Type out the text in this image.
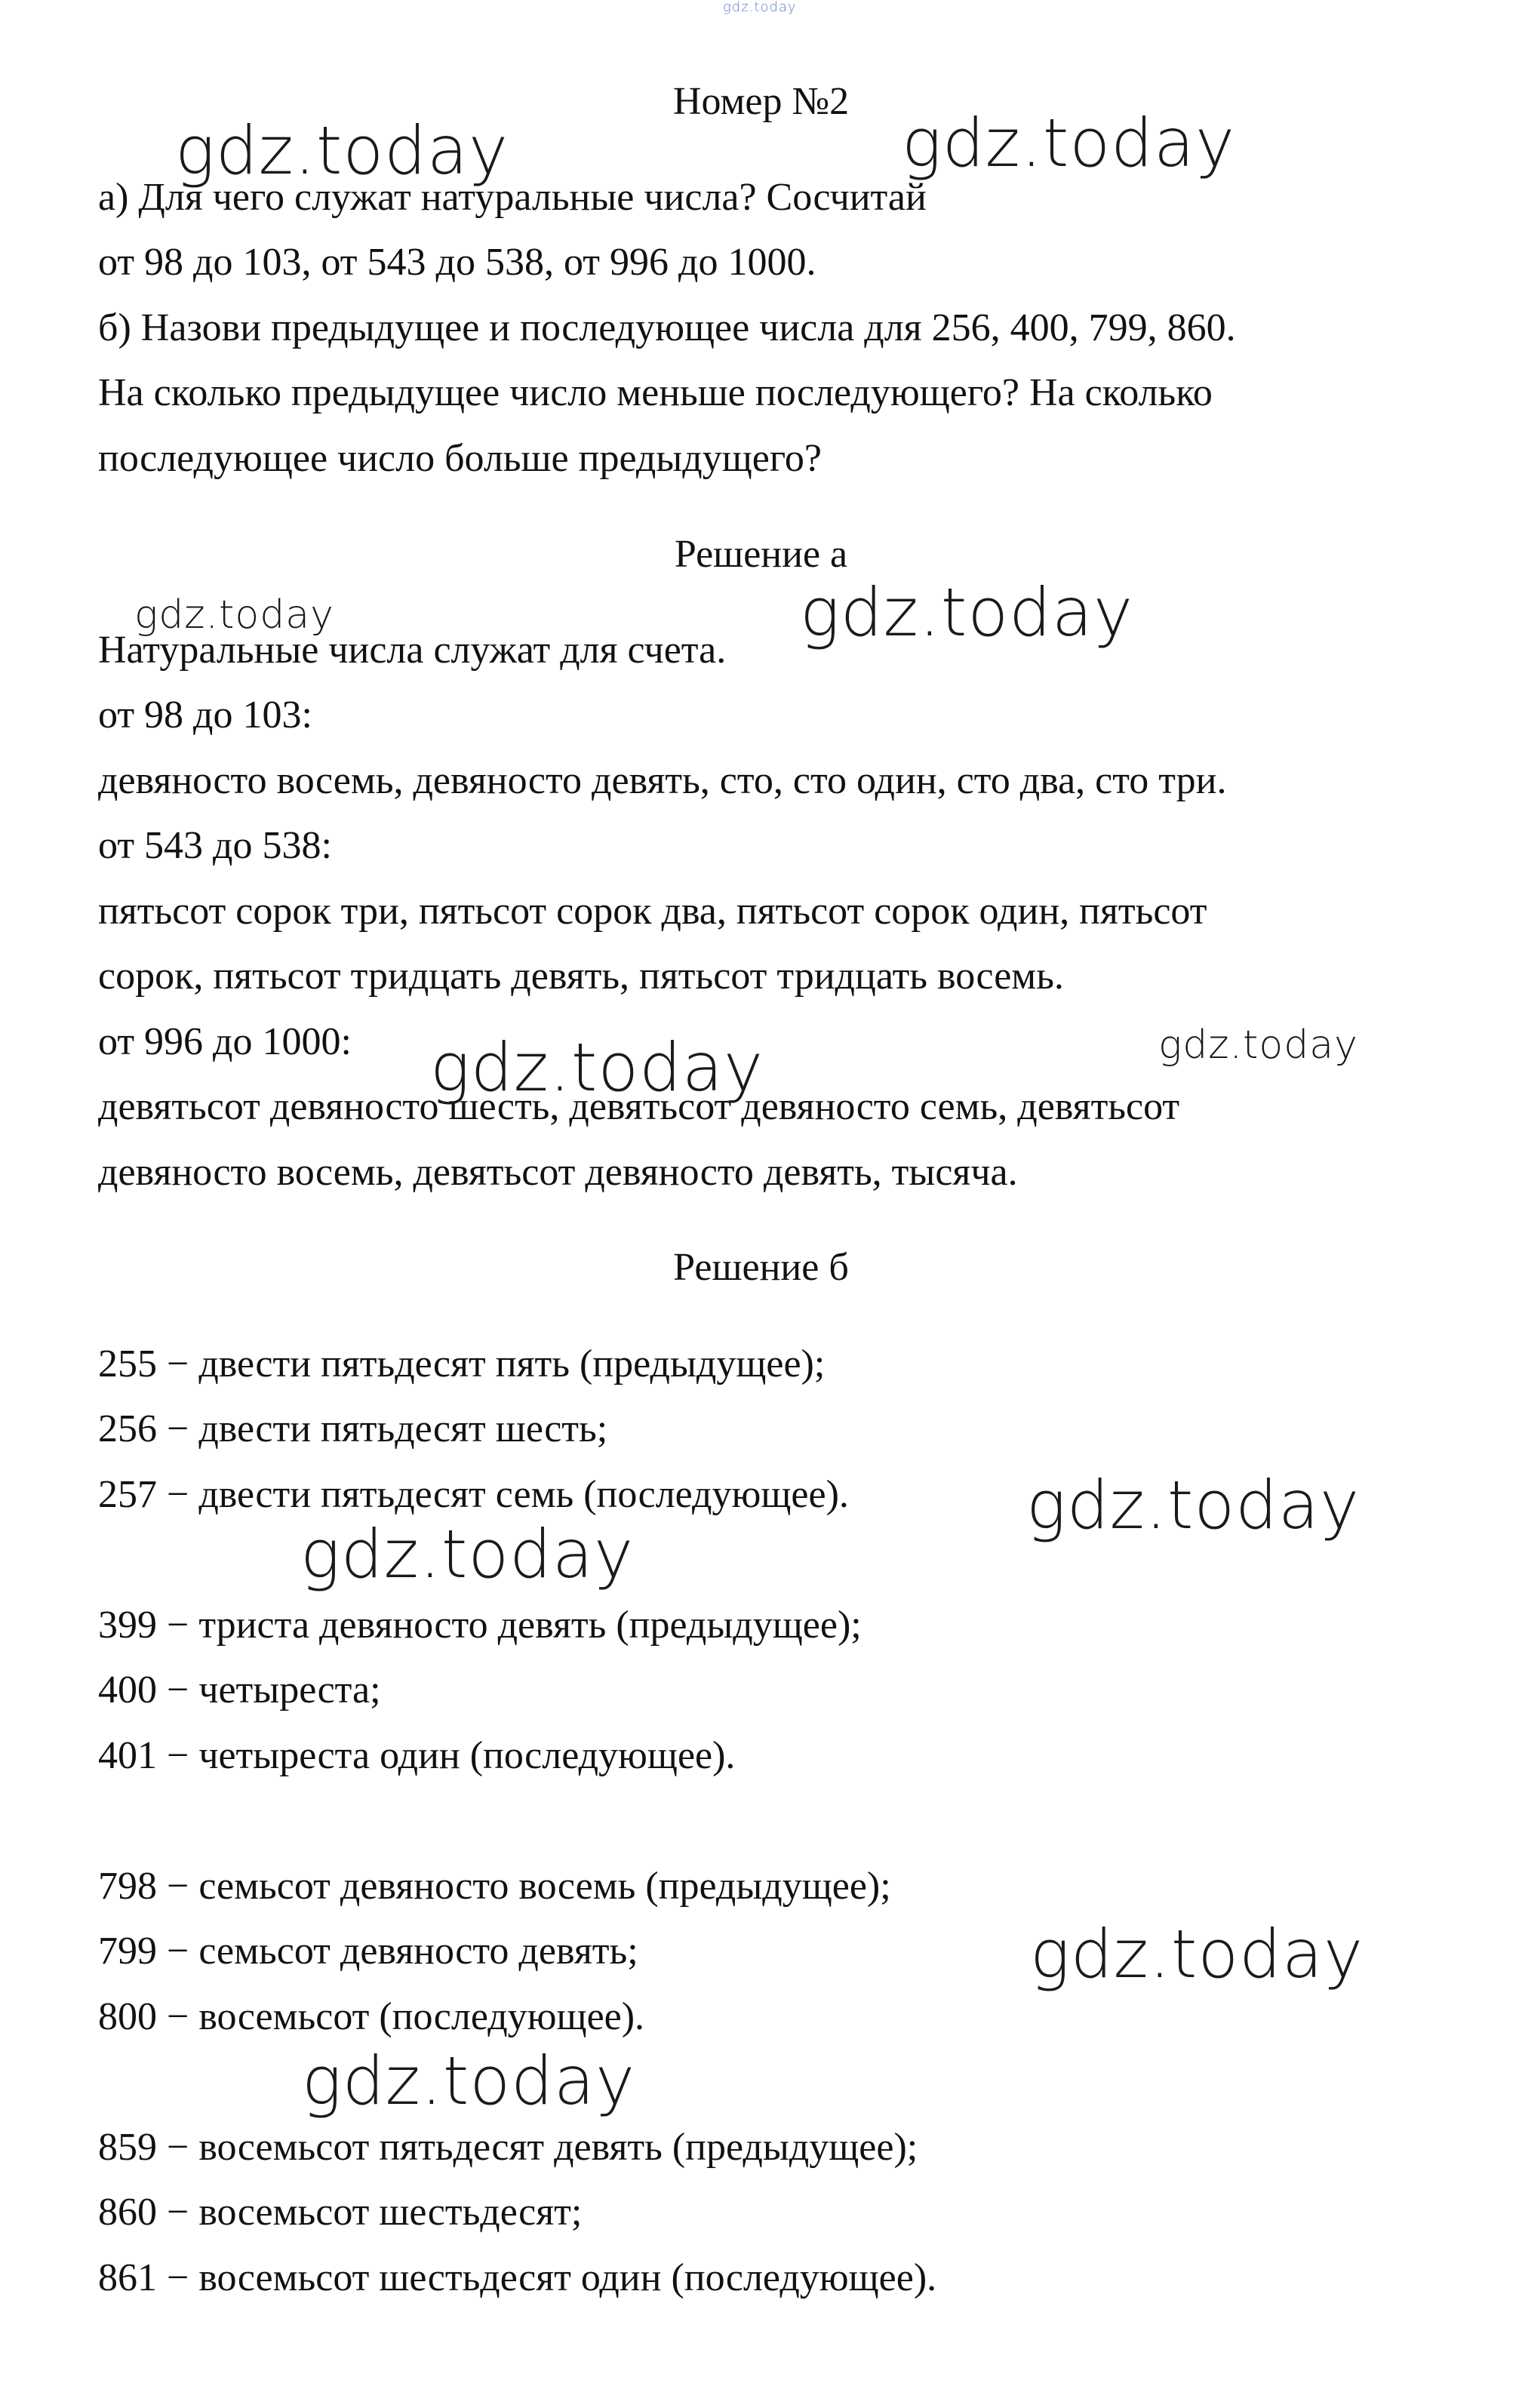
gdz.today
Номер №2
а) Для чего служат натуральные числа? Сосчитай
от 98 до 103, от 543 до 538, от 996 до 1000.
б) Назови предыдущее и последующее числа для 256, 400, 799, 860.
На сколько предыдущее число меньше последующего? На сколько
последующее число больше предыдущего?
Решение а
Натуральные числа служат для счета.
от 98 до 103:
девяносто восемь, девяносто девять, сто, сто один, сто два, сто три.
от 543 до 538:
пятьсот сорок три, пятьсот сорок два, пятьсот сорок один, пятьсот
сорок, пятьсот тридцать девять, пятьсот тридцать восемь.
от 996 до 1000:
девятьсот девяносто шесть, девятьсот девяносто семь, девятьсот
девяносто восемь, девятьсот девяносто девять, тысяча.
Решение б
255 − двести пятьдесят пять (предыдущее);
256 − двести пятьдесят шесть;
257 − двести пятьдесят семь (последующее).
399 − триста девяносто девять (предыдущее);
400 − четыреста;
401 − четыреста один (последующее).
798 − семьсот девяносто восемь (предыдущее);
799 − семьсот девяносто девять;
800 − восемьсот (последующее).
859 − восемьсот пятьдесят девять (предыдущее);
860 − восемьсот шестьдесят;
861 − восемьсот шестьдесят один (последующее).
gdz.today	gdz.today
gdz.today	gdz.today
gdz.today	gdz.today
gdz.today
gdz.today
gdz.today
gdz.today
